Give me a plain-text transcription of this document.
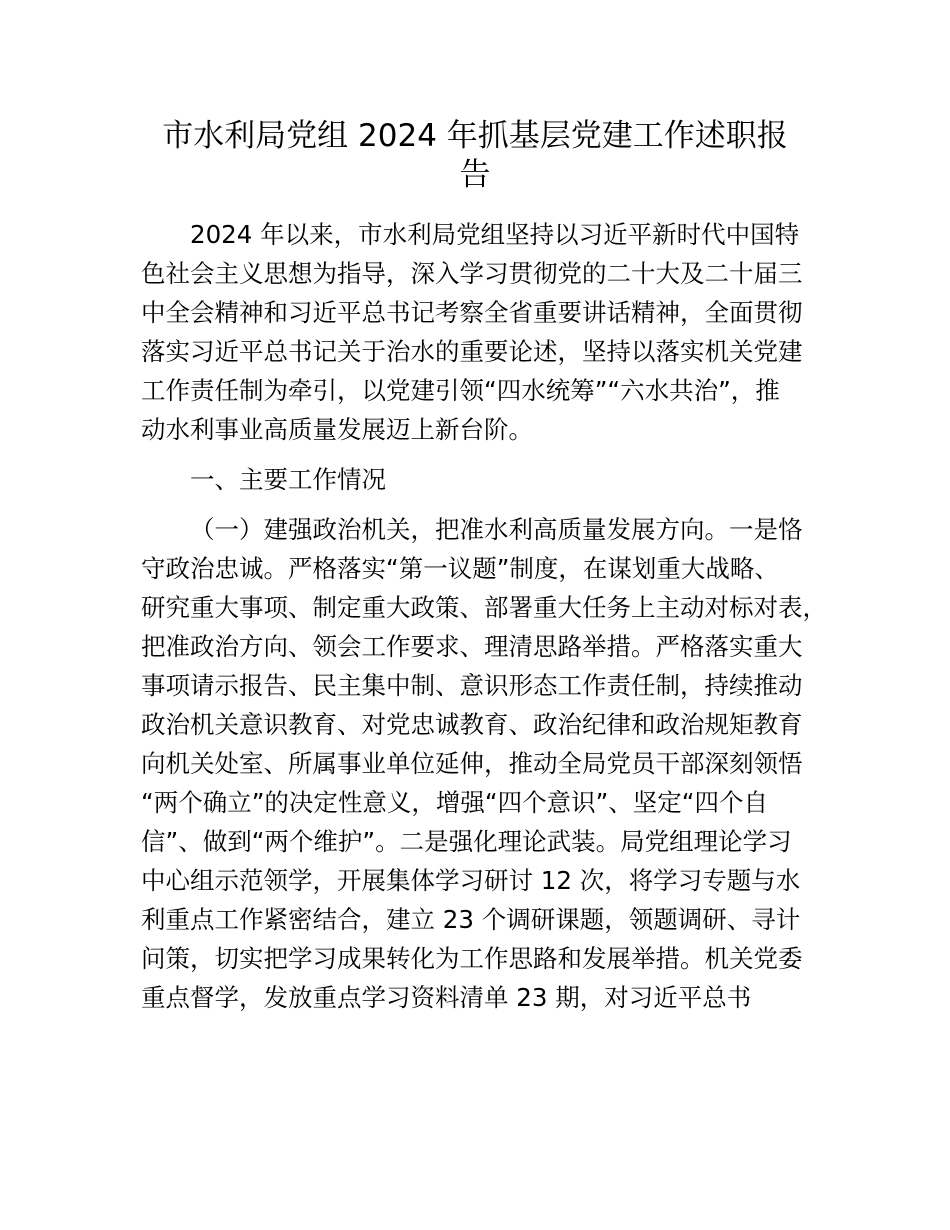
市水利局党组 2024 年抓基层党建工作述职报
告
2024 年以来，市水利局党组坚持以习近平新时代中国特
色社会主义思想为指导，深入学习贯彻党的二十大及二十届三
中全会精神和习近平总书记考察全省重要讲话精神，全面贯彻
落实习近平总书记关于治水的重要论述，坚持以落实机关党建
工作责任制为牵引，以党建引领“四水统筹”“六水共治”，推
动水利事业高质量发展迈上新台阶。
一、主要工作情况
（一）建强政治机关，把准水利高质量发展方向。一是恪
守政治忠诚。严格落实“第一议题”制度，在谋划重大战略、
研究重大事项、制定重大政策、部署重大任务上主动对标对表，
把准政治方向、领会工作要求、理清思路举措。严格落实重大
事项请示报告、民主集中制、意识形态工作责任制，持续推动
政治机关意识教育、对党忠诚教育、政治纪律和政治规矩教育
向机关处室、所属事业单位延伸，推动全局党员干部深刻领悟
“两个确立”的决定性意义，增强“四个意识”、坚定“四个自
信”、做到“两个维护”。二是强化理论武装。局党组理论学习
中心组示范领学，开展集体学习研讨 12 次，将学习专题与水
利重点工作紧密结合，建立 23 个调研课题，领题调研、寻计
问策，切实把学习成果转化为工作思路和发展举措。机关党委
重点督学，发放重点学习资料清单 23 期，对习近平总书
